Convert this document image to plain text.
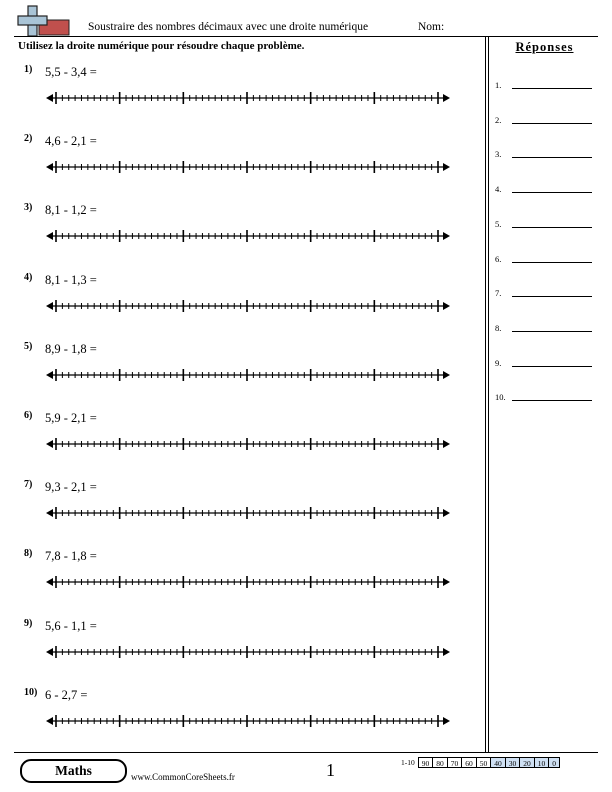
Soustraire des nombres décimaux avec une droite numérique	Nom:
Utilisez la droite numérique pour résoudre chaque problème.	Réponses
1.
2.
3.
4.
5.
6.
7.
8.
9.
10.
1) 5,5 - 3,4 =
2) 4,6 - 2,1 =
3) 8,1 - 1,2 =
4) 8,1 - 1,3 =
5) 8,9 - 1,8 =
6) 5,9 - 2,1 =
7) 9,3 - 2,1 =
8) 7,8 - 1,8 =
9) 5,6 - 1,1 =
10) 6 - 2,7 =
Maths	www.CommonCoreSheets.fr	1	1-10 90 80 70 60 50 40 30 20 10 0
